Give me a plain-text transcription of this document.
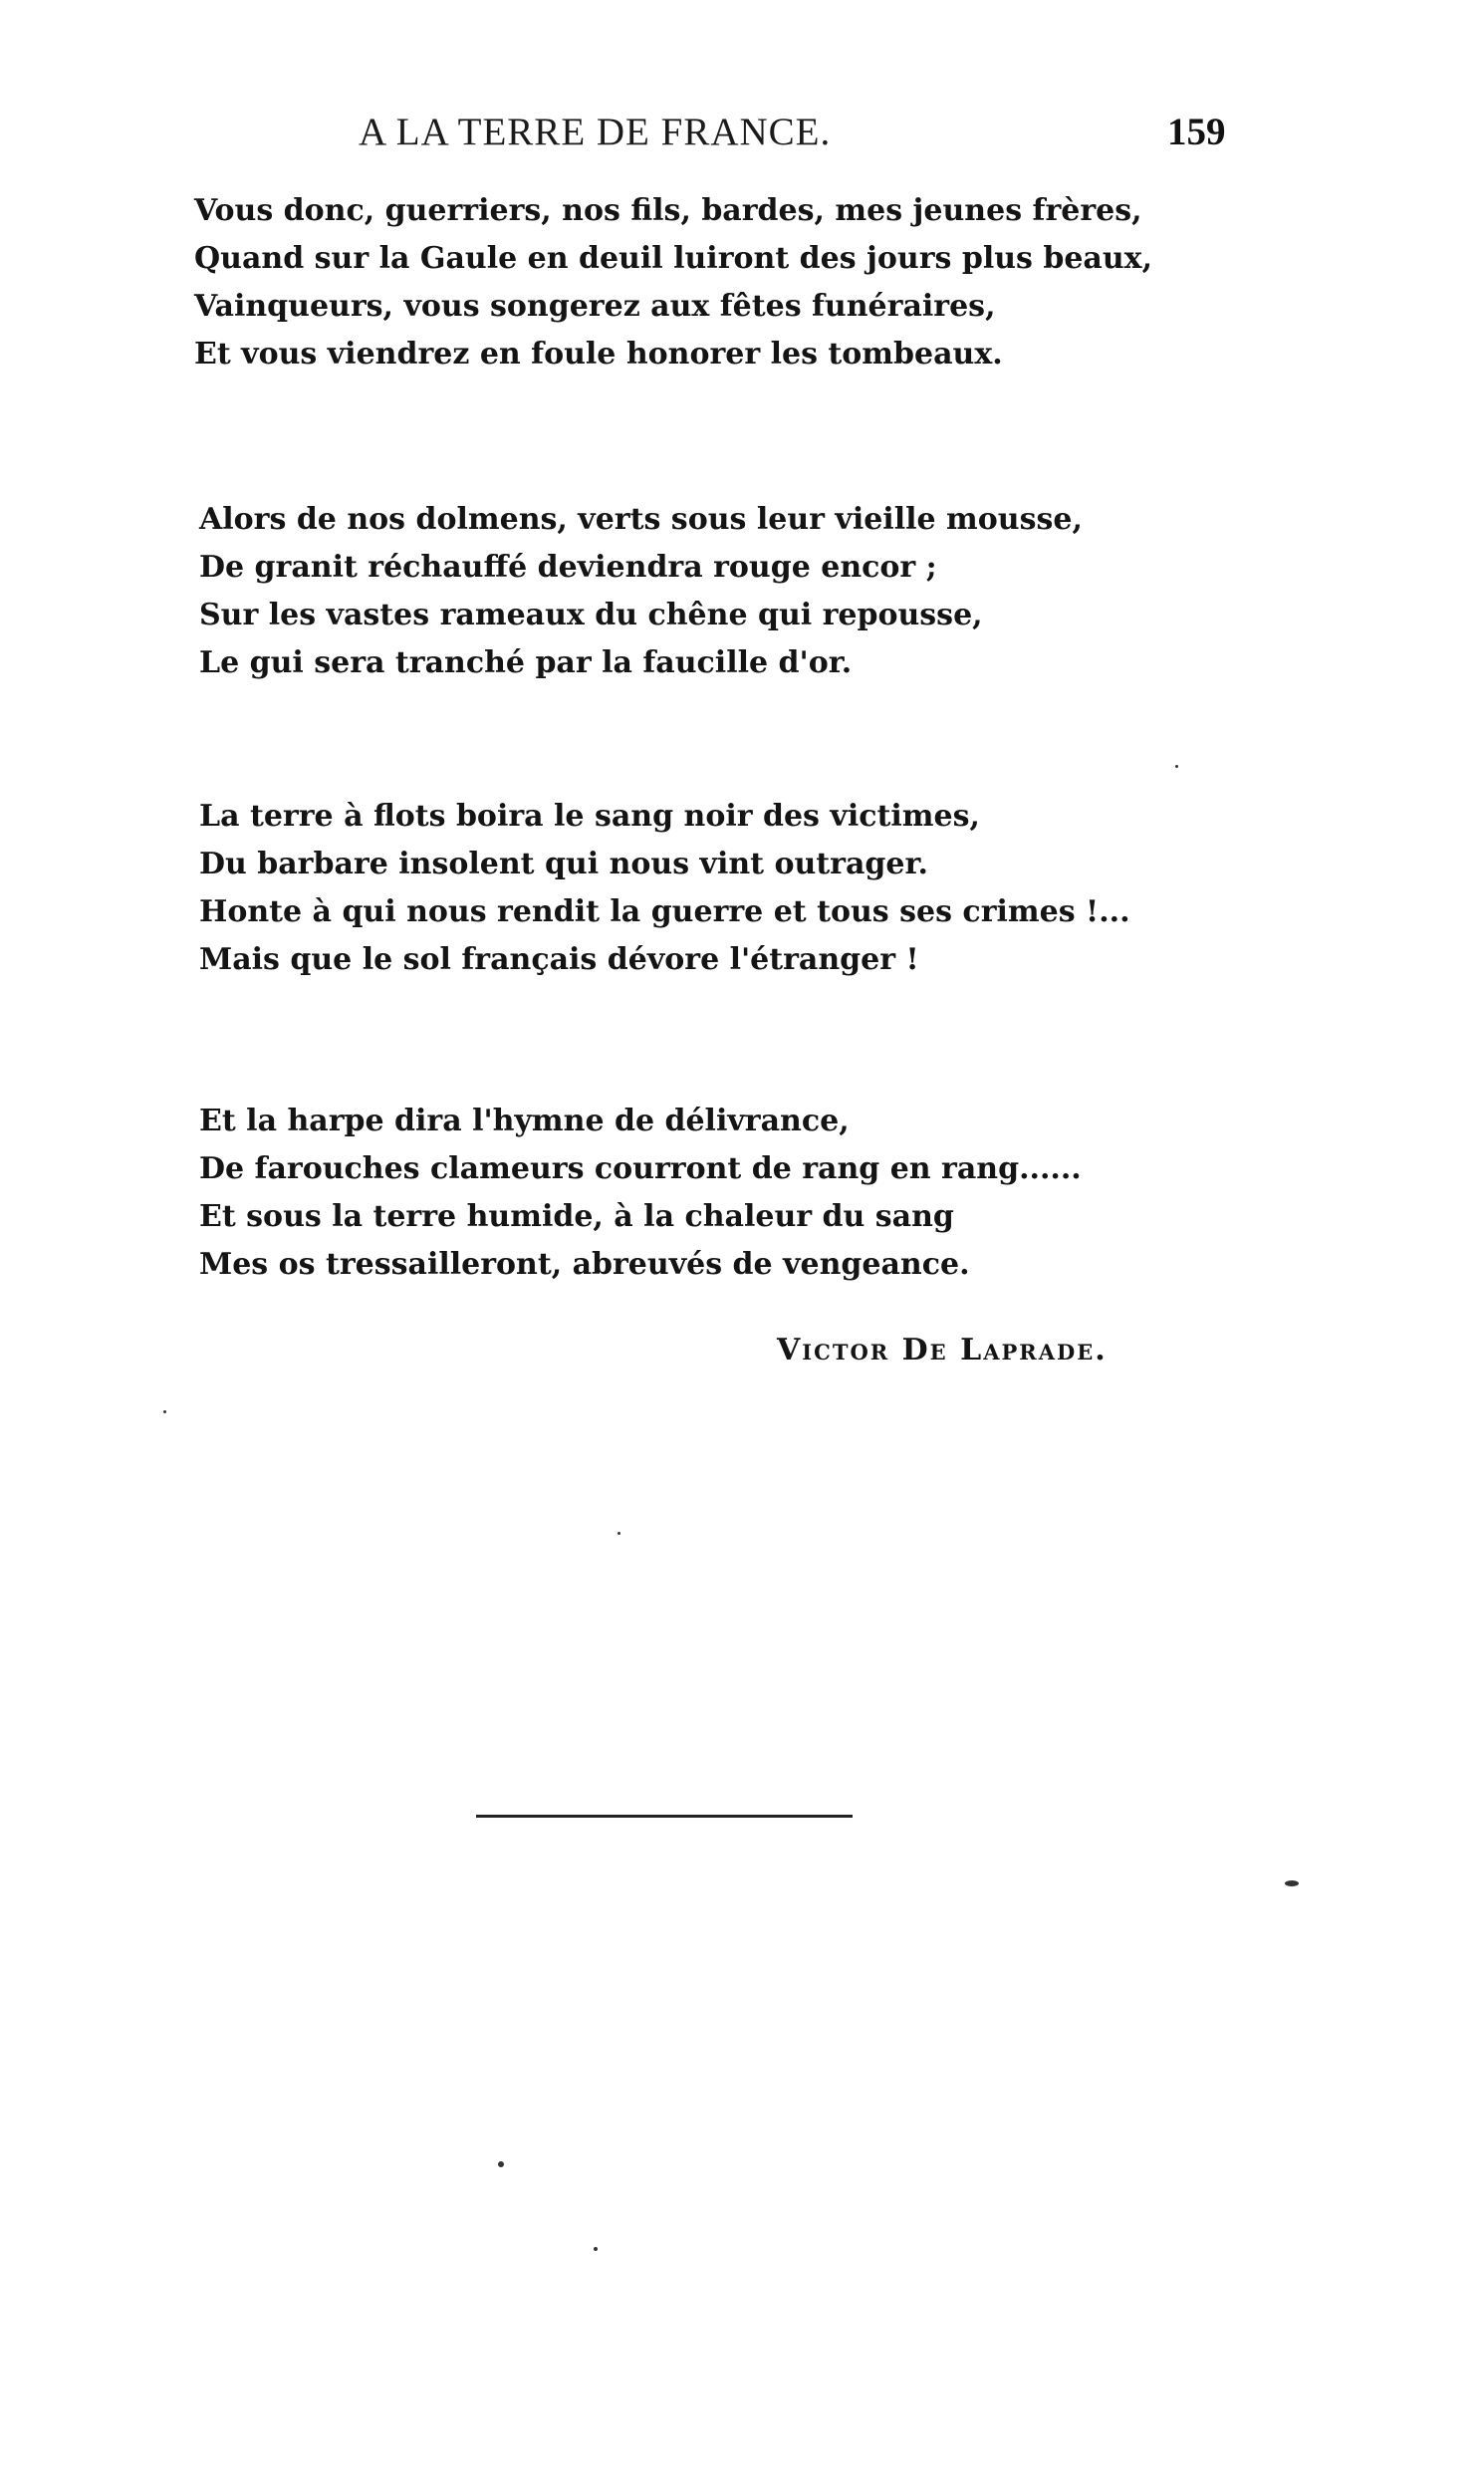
A LA TERRE DE FRANCE.	159
Vous donc, guerriers, nos fils, bardes, mes jeunes frères,
Quand sur la Gaule en deuil luiront des jours plus beaux,
Vainqueurs, vous songerez aux fêtes funéraires,
Et vous viendrez en foule honorer les tombeaux.
Alors de nos dolmens, verts sous leur vieille mousse,
De granit réchauffé deviendra rouge encor ;
Sur les vastes rameaux du chêne qui repousse,
Le gui sera tranché par la faucille d'or.
La terre à flots boira le sang noir des victimes,
Du barbare insolent qui nous vint outrager.
Honte à qui nous rendit la guerre et tous ses crimes !...
Mais que le sol français dévore l'étranger !
Et la harpe dira l'hymne de délivrance,
De farouches clameurs courront de rang en rang......
Et sous la terre humide, à la chaleur du sang
Mes os tressailleront, abreuvés de vengeance.
Victor De Laprade.
